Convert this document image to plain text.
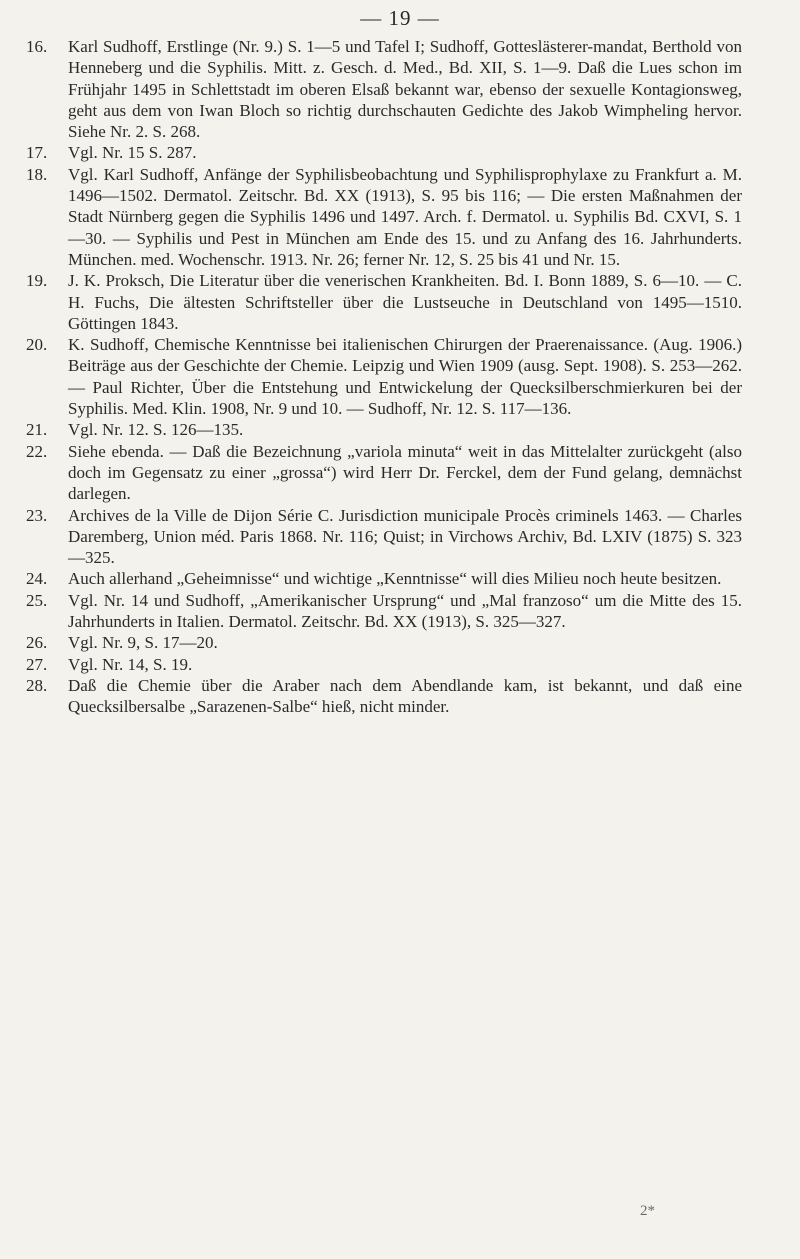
— 19 —
16. Karl Sudhoff, Erstlinge (Nr. 9.) S. 1—5 und Tafel I; Sudhoff, Gotteslästerer-mandat, Berthold von Henneberg und die Syphilis. Mitt. z. Gesch. d. Med., Bd. XII, S. 1—9. Daß die Lues schon im Frühjahr 1495 in Schlettstadt im oberen Elsaß bekannt war, ebenso der sexuelle Kontagionsweg, geht aus dem von Iwan Bloch so richtig durchschauten Gedichte des Jakob Wimpheling hervor. Siehe Nr. 2. S. 268.
17. Vgl. Nr. 15 S. 287.
18. Vgl. Karl Sudhoff, Anfänge der Syphilisbeobachtung und Syphilisprophylaxe zu Frankfurt a. M. 1496—1502. Dermatol. Zeitschr. Bd. XX (1913), S. 95 bis 116; — Die ersten Maßnahmen der Stadt Nürnberg gegen die Syphilis 1496 und 1497. Arch. f. Dermatol. u. Syphilis Bd. CXVI, S. 1—30. — Syphilis und Pest in München am Ende des 15. und zu Anfang des 16. Jahrhunderts. München. med. Wochenschr. 1913. Nr. 26; ferner Nr. 12, S. 25 bis 41 und Nr. 15.
19. J. K. Proksch, Die Literatur über die venerischen Krankheiten. Bd. I. Bonn 1889, S. 6—10. — C. H. Fuchs, Die ältesten Schriftsteller über die Lustseuche in Deutschland von 1495—1510. Göttingen 1843.
20. K. Sudhoff, Chemische Kenntnisse bei italienischen Chirurgen der Praerenaissance. (Aug. 1906.) Beiträge aus der Geschichte der Chemie. Leipzig und Wien 1909 (ausg. Sept. 1908). S. 253—262. — Paul Richter, Über die Entstehung und Entwickelung der Quecksilberschmierkuren bei der Syphilis. Med. Klin. 1908, Nr. 9 und 10. — Sudhoff, Nr. 12. S. 117—136.
21. Vgl. Nr. 12. S. 126—135.
22. Siehe ebenda. — Daß die Bezeichnung „variola minuta“ weit in das Mittelalter zurückgeht (also doch im Gegensatz zu einer „grossa“) wird Herr Dr. Ferckel, dem der Fund gelang, demnächst darlegen.
23. Archives de la Ville de Dijon Série C. Jurisdiction municipale Procès criminels 1463. — Charles Daremberg, Union méd. Paris 1868. Nr. 116; Quist; in Virchows Archiv, Bd. LXIV (1875) S. 323—325.
24. Auch allerhand „Geheimnisse“ und wichtige „Kenntnisse“ will dies Milieu noch heute besitzen.
25. Vgl. Nr. 14 und Sudhoff, „Amerikanischer Ursprung“ und „Mal franzoso“ um die Mitte des 15. Jahrhunderts in Italien. Dermatol. Zeitschr. Bd. XX (1913), S. 325—327.
26. Vgl. Nr. 9, S. 17—20.
27. Vgl. Nr. 14, S. 19.
28. Daß die Chemie über die Araber nach dem Abendlande kam, ist bekannt, und daß eine Quecksilbersalbe „Sarazenen-Salbe“ hieß, nicht minder.
2*
